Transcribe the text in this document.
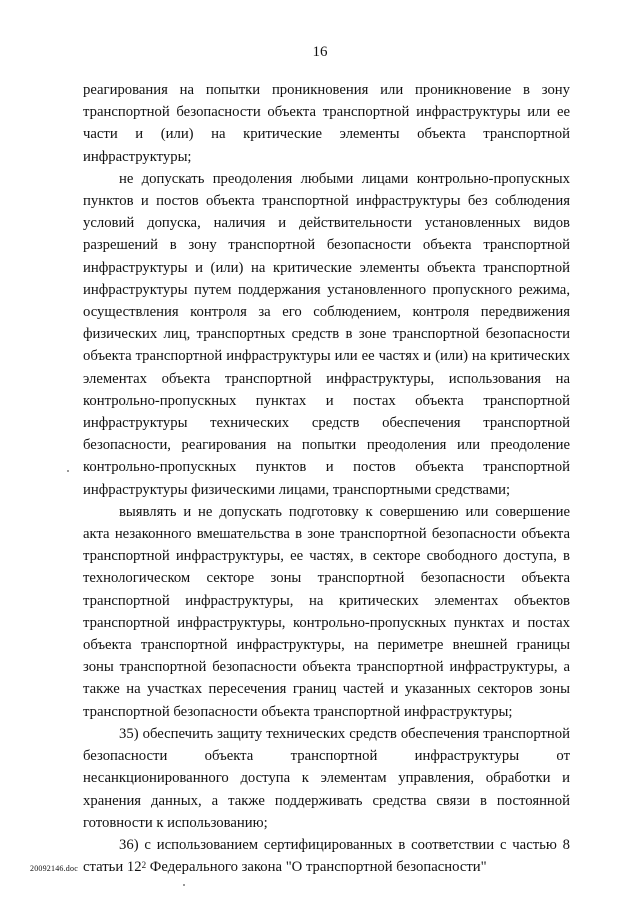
16

реагирования на попытки проникновения или проникновение в зону транспортной безопасности объекта транспортной инфраструктуры или ее части и (или) на критические элементы объекта транспортной инфраструктуры;

не допускать преодоления любыми лицами контрольно-пропускных пунктов и постов объекта транспортной инфраструктуры без соблюдения условий допуска, наличия и действительности установленных видов разрешений в зону транспортной безопасности объекта транспортной инфраструктуры и (или) на критические элементы объекта транспортной инфраструктуры путем поддержания установленного пропускного режима, осуществления контроля за его соблюдением, контроля передвижения физических лиц, транспортных средств в зоне транспортной безопасности объекта транспортной инфраструктуры или ее частях и (или) на критических элементах объекта транспортной инфраструктуры, использования на контрольно-пропускных пунктах и постах объекта транспортной инфраструктуры технических средств обеспечения транспортной безопасности, реагирования на попытки преодоления или преодоление контрольно-пропускных пунктов и постов объекта транспортной инфраструктуры физическими лицами, транспортными средствами;

выявлять и не допускать подготовку к совершению или совершение акта незаконного вмешательства в зоне транспортной безопасности объекта транспортной инфраструктуры, ее частях, в секторе свободного доступа, в технологическом секторе зоны транспортной безопасности объекта транспортной инфраструктуры, на критических элементах объектов транспортной инфраструктуры, контрольно-пропускных пунктах и постах объекта транспортной инфраструктуры, на периметре внешней границы зоны транспортной безопасности объекта транспортной инфраструктуры, а также на участках пересечения границ частей и указанных секторов зоны транспортной безопасности объекта транспортной инфраструктуры;

35) обеспечить защиту технических средств обеспечения транспортной безопасности объекта транспортной инфраструктуры от несанкционированного доступа к элементам управления, обработки и хранения данных, а также поддерживать средства связи в постоянной готовности к использованию;

36) с использованием сертифицированных в соответствии с частью 8 статьи $12^2$ Федерального закона "О транспортной безопасности"

20092146.doc
